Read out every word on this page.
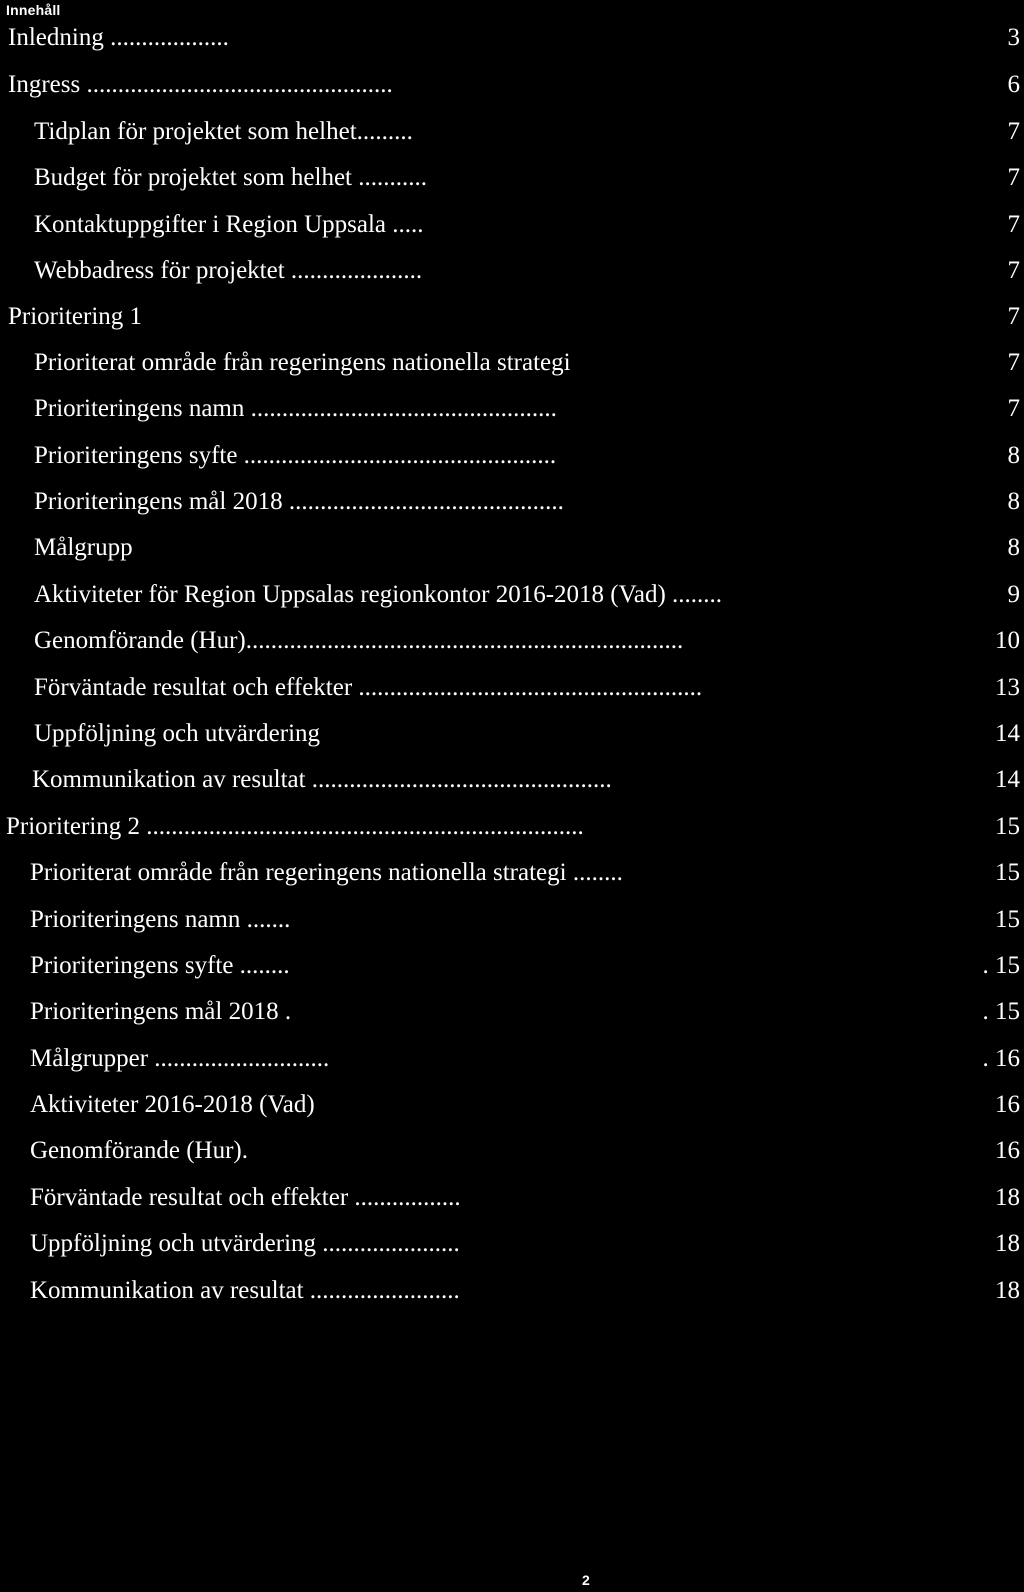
Innehåll
Inledning ...................	3
Ingress .................................................	6
Tidplan för projektet som helhet.........	7
Budget för projektet som helhet ...........	7
Kontaktuppgifter i Region Uppsala .....	7
Webbadress för projektet .....................	7
Prioritering 1	7
Prioriterat område från regeringens nationella strategi	7
Prioriteringens namn .................................................	7
Prioriteringens syfte ..................................................	8
Prioriteringens mål 2018 ............................................	8
Målgrupp	8
Aktiviteter för Region Uppsalas regionkontor 2016-2018 (Vad) ........	9
Genomförande (Hur)......................................................................	10
Förväntade resultat och effekter .......................................................	13
Uppföljning och utvärdering	14
Kommunikation av resultat ................................................	14
Prioritering 2 ......................................................................	15
Prioriterat område från regeringens nationella strategi ........	15
Prioriteringens namn .......	15
Prioriteringens syfte ........	. 15
Prioriteringens mål 2018 .	. 15
Målgrupper ............................	. 16
Aktiviteter 2016-2018 (Vad)	16
Genomförande (Hur).	16
Förväntade resultat och effekter .................	18
Uppföljning och utvärdering ......................	18
Kommunikation av resultat ........................	18
2
